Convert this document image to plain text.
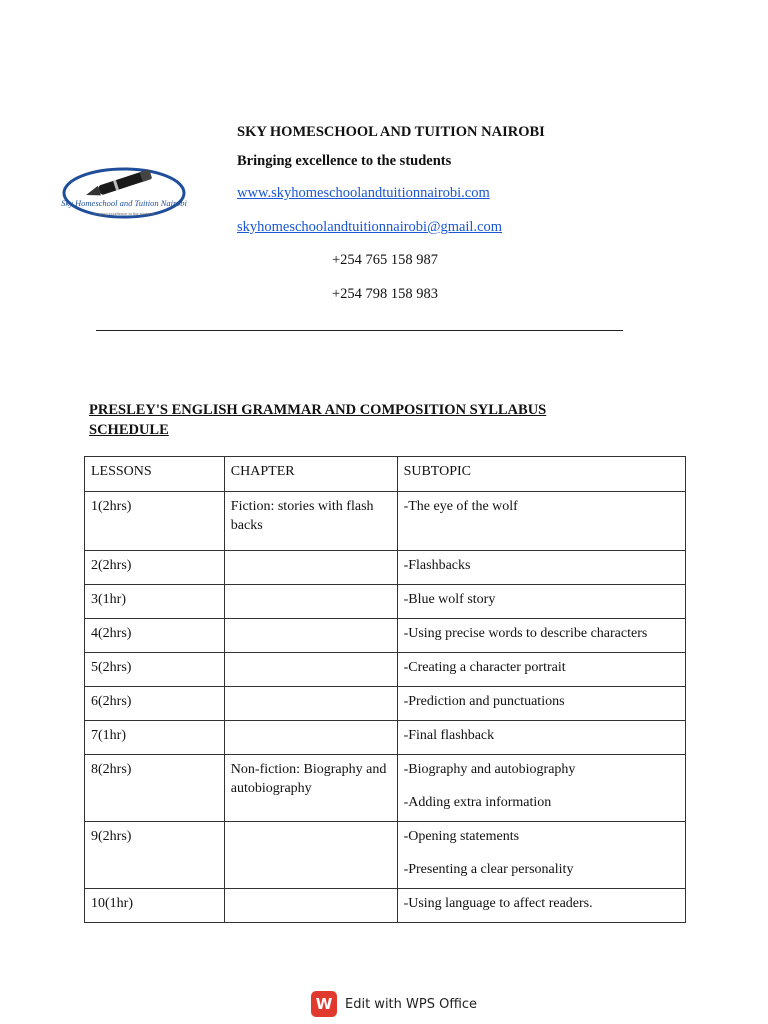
Sky Homeschool and Tuition Nairobi
bringing excellence to the students
SKY HOMESCHOOL AND TUITION NAIROBI
Bringing excellence to the students
www.skyhomeschoolandtuitionnairobi.com
skyhomeschoolandtuitionnairobi@gmail.com
+254 765 158 987
+254 798 158 983
PRESLEY'S ENGLISH GRAMMAR AND COMPOSITION SYLLABUS SCHEDULE
LESSONS	CHAPTER	SUBTOPIC
1(2hrs)	Fiction: stories with flash backs	-The eye of the wolf

2(2hrs)		-Flashbacks

3(1hr)		-Blue wolf story

4(2hrs)		-Using precise words to describe characters

5(2hrs)		-Creating a character portrait

6(2hrs)		-Prediction and punctuations

7(1hr)		-Final flashback

8(2hrs)	Non-fiction: Biography and autobiography	-Biography and autobiography

-Adding extra information

9(2hrs)		-Opening statements

-Presenting a clear personality

10(1hr)		-Using language to affect readers.

W Edit with WPS Office
